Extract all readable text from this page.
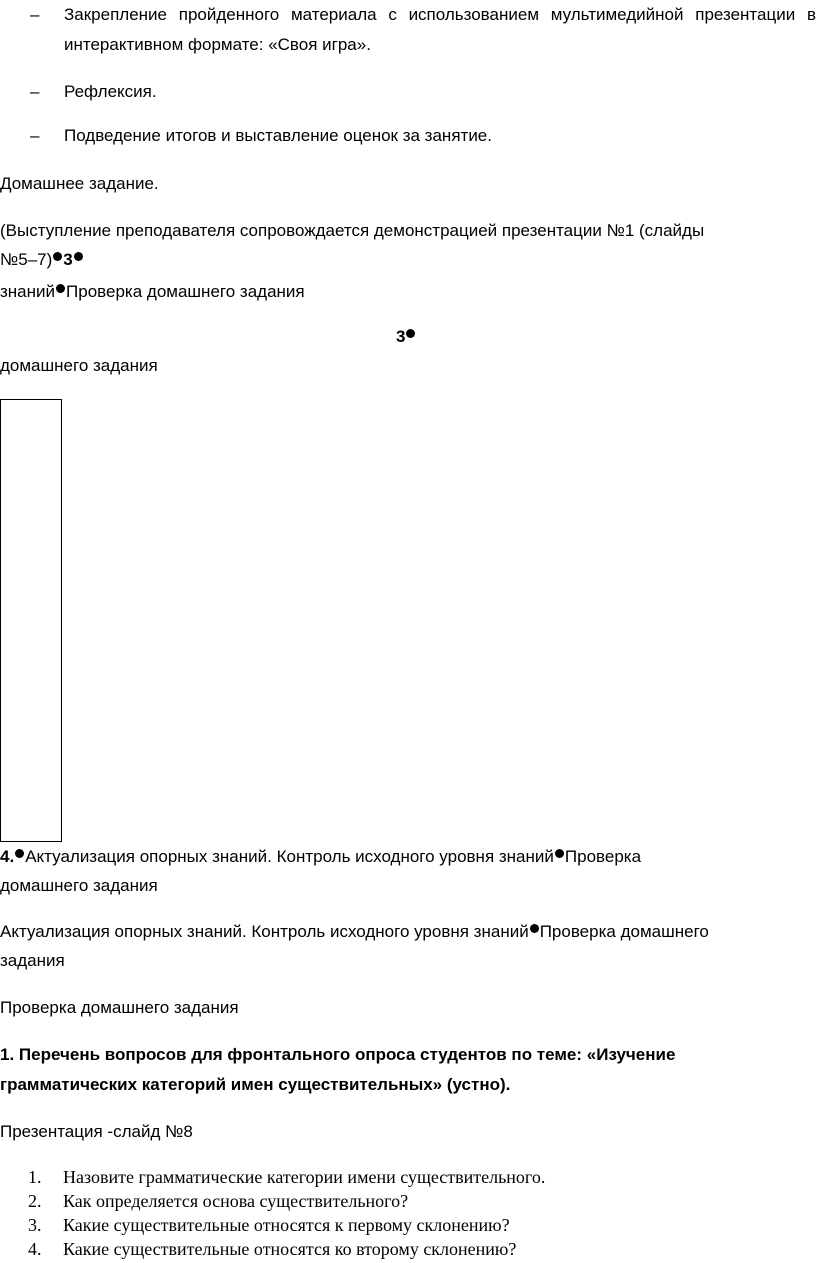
–	Закрепление пройденного материала с использованием мультимедийной презентации в интерактивном формате: «Своя игра».
–	Рефлексия.
–	Подведение итогов и выставление оценок за занятие.
Домашнее задание.
(Выступление преподавателя сопровождается демонстрацией презентации №1 (слайды
№5–7) 3
знаний Проверка домашнего задания
3
домашнего задания
4. Актуализация опорных знаний. Контроль исходного уровня знаний Проверка
домашнего задания
Актуализация опорных знаний. Контроль исходного уровня знаний Проверка домашнего
задания
Проверка домашнего задания
1. Перечень вопросов для фронтального опроса студентов по теме: «Изучение
грамматических категорий имен существительных» (устно).
Презентация -слайд №8
1.	Назовите грамматические категории имени существительного.
2.	Как определяется основа существительного?
3.	Какие существительные относятся к первому склонению?
4.	Какие существительные относятся ко второму склонению?
